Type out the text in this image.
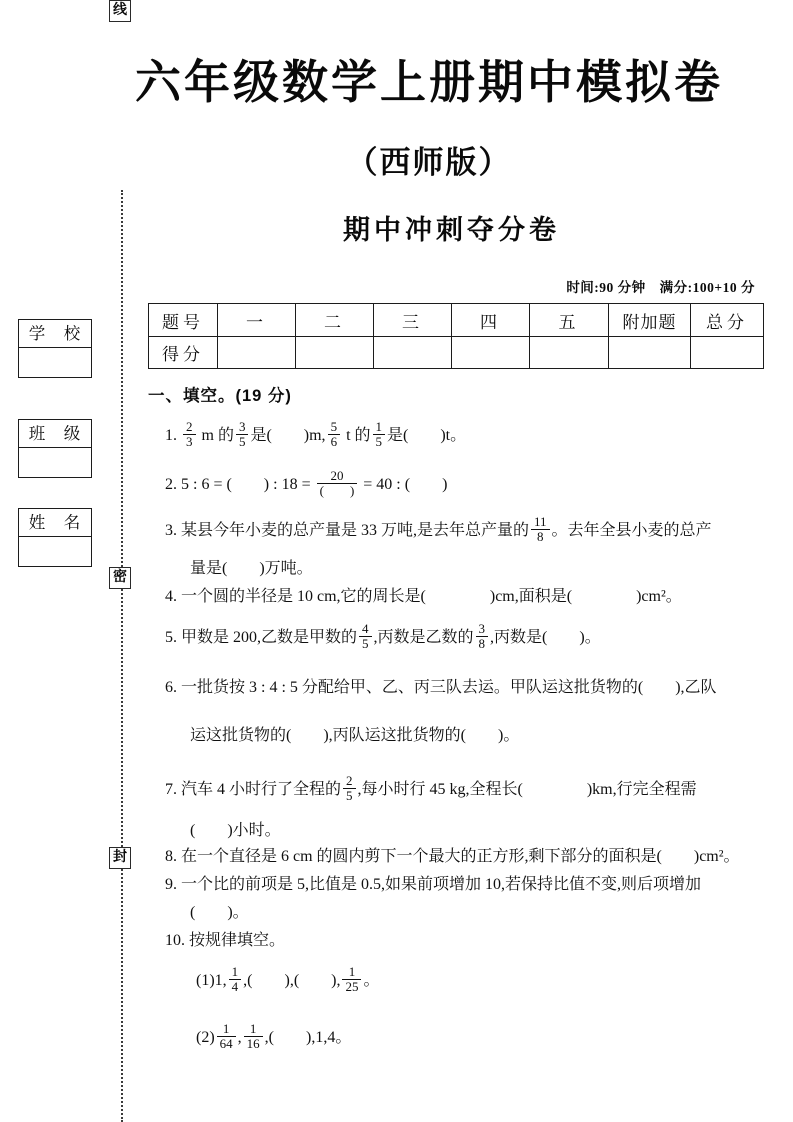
密
封
线
学　校
班　级
姓　名
六年级数学上册期中模拟卷
（西师版）
期中冲刺夺分卷
时间:90 分钟　满分:100+10 分
题号	一	二	三	四	五	附加题	总分
得分							
一、填空。(19 分)
1. $\frac{2}{3}$ m 的 $\frac{3}{5}$ 是(　　)m, $\frac{5}{6}$ t 的 $\frac{1}{5}$ 是(　　)t。
2. 5 : 6 = (　　) : $18 = \frac{20}{( )} = 40$ : (　　)
3. 某县今年小麦的总产量是 33 万吨,是去年总产量的 $\frac{11}{8}$ 。去年全县小麦的总产
量是(　　)万吨。
4. 一个圆的半径是 10 cm,它的周长是(　　　　)cm,面积是(　　　　)cm²。
5. 甲数是 200,乙数是甲数的 $\frac{4}{5}$ ,丙数是乙数的 $\frac{3}{8}$ ,丙数是(　　)。
6. 一批货按 3 : 4 : 5 分配给甲、乙、丙三队去运。甲队运这批货物的(　　),乙队
运这批货物的(　　),丙队运这批货物的(　　)。
7. 汽车 4 小时行了全程的 $\frac{2}{5}$ ,每小时行 45 kg,全程长(　　　　)km,行完全程需
(　　)小时。
8. 在一个直径是 6 cm 的圆内剪下一个最大的正方形,剩下部分的面积是(　　)cm²。
9. 一个比的前项是 5,比值是 0.5,如果前项增加 10,若保持比值不变,则后项增加
(　　)。
10. 按规律填空。
(1)1, $\frac{1}{4}$ ,(　　),(　　), $\frac{1}{25}$ 。
$(2) \frac{1}{64}$ , $\frac{1}{16}$ ,(　　),1,4。
